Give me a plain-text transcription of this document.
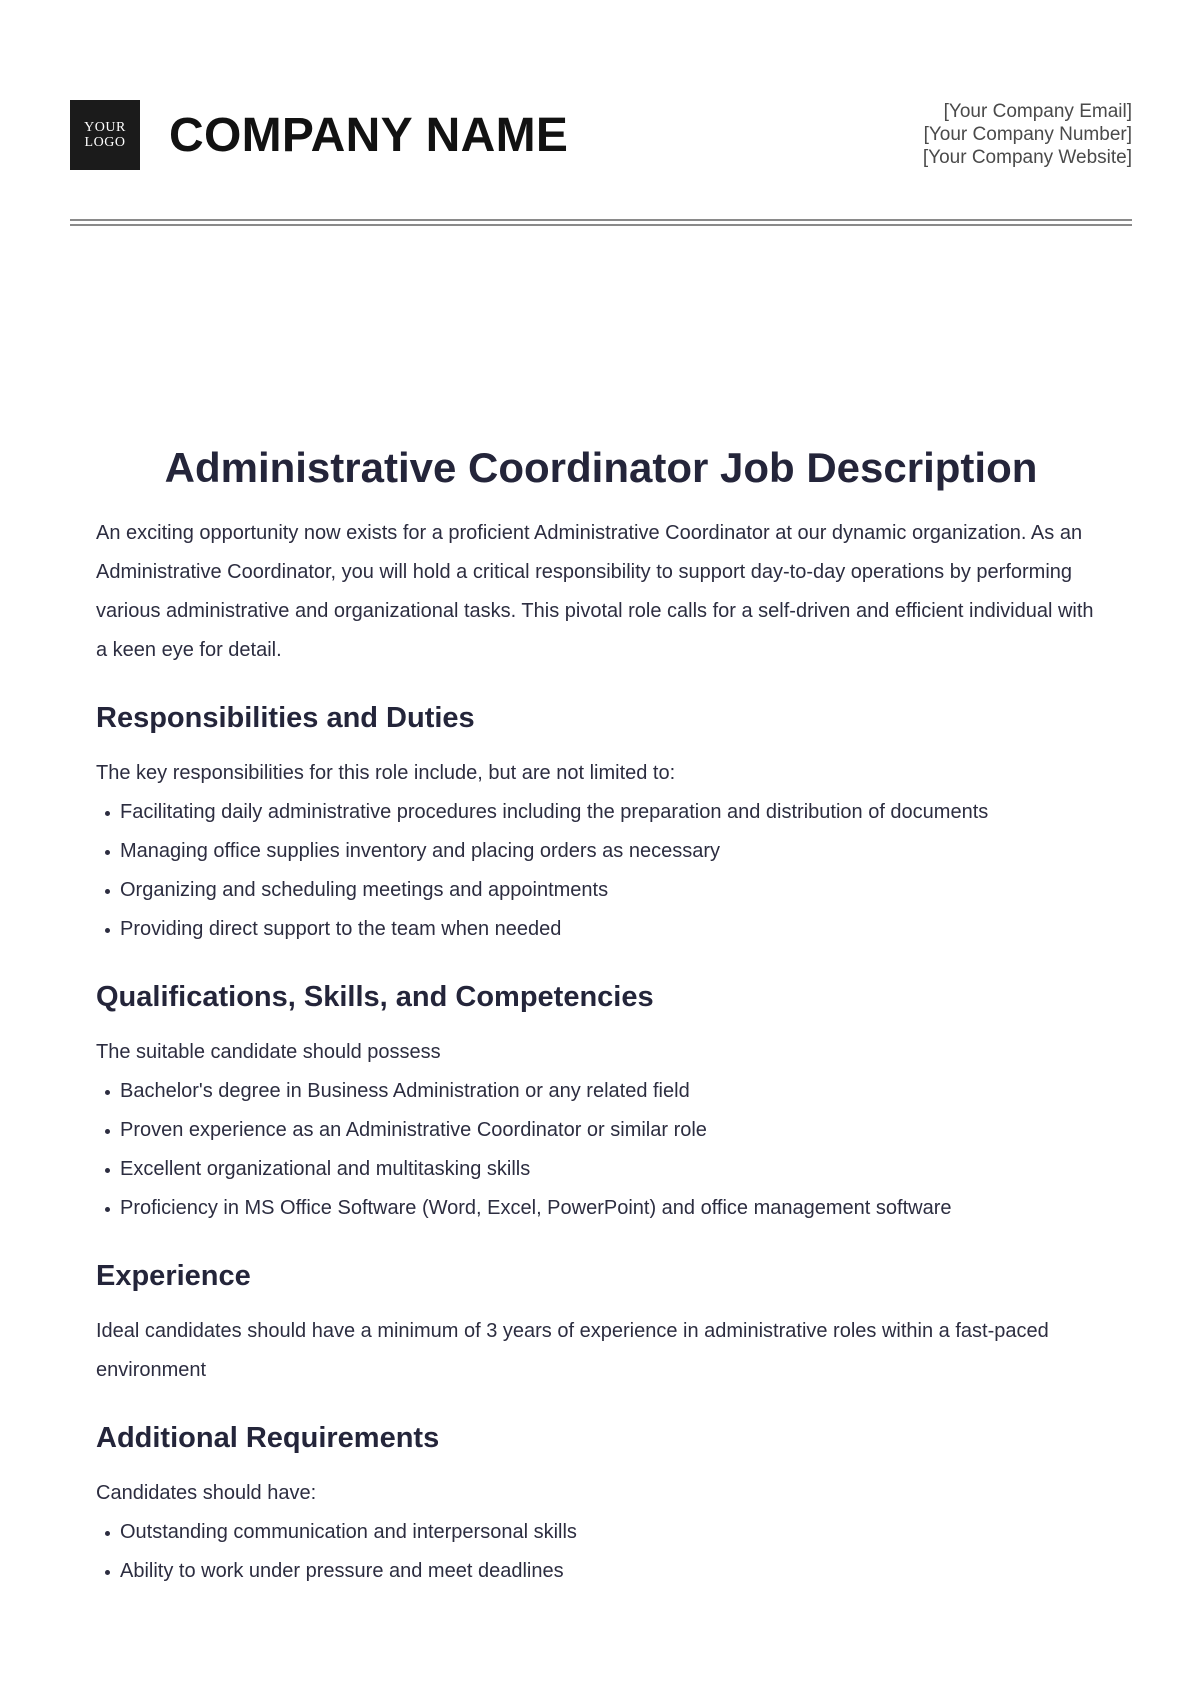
YOUR
LOGO COMPANY NAME	[Your Company Email]
[Your Company Number]
[Your Company Website]
Administrative Coordinator Job Description

An exciting opportunity now exists for a proficient Administrative Coordinator at our dynamic organization. As an Administrative Coordinator, you will hold a critical responsibility to support day-to-day operations by performing various administrative and organizational tasks. This pivotal role calls for a self-driven and efficient individual with a keen eye for detail.

Responsibilities and Duties

The key responsibilities for this role include, but are not limited to:

Facilitating daily administrative procedures including the preparation and distribution of documents
Managing office supplies inventory and placing orders as necessary
Organizing and scheduling meetings and appointments
Providing direct support to the team when needed
Qualifications, Skills, and Competencies

The suitable candidate should possess

Bachelor's degree in Business Administration or any related field
Proven experience as an Administrative Coordinator or similar role
Excellent organizational and multitasking skills
Proficiency in MS Office Software (Word, Excel, PowerPoint) and office management software
Experience

Ideal candidates should have a minimum of 3 years of experience in administrative roles within a fast-paced environment

Additional Requirements

Candidates should have:

Outstanding communication and interpersonal skills
Ability to work under pressure and meet deadlines
